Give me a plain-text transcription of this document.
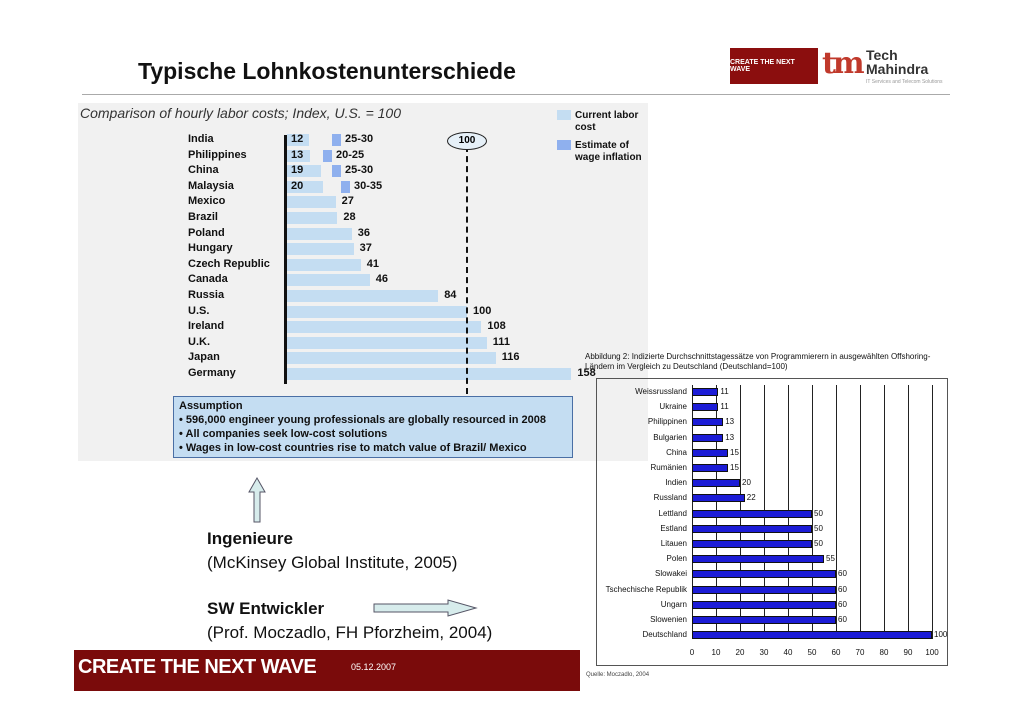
Typische Lohnkostenunterschiede	CREATE THE NEXT WAVE	tm Tech
Mahindra
IT Services and Telecom Solutions
Comparison of hourly labor costs; Index, U.S. = 100
India	12	25-30
Philippines	13	20-25
China	19	25-30
Malaysia	20	30-35
Mexico	27
Brazil	28
Poland	36
Hungary	37
Czech Republic	41
Canada	46
Russia	84
U.S.	100
Ireland	108
U.K.	111
Japan	116
Germany	158
100
Current labor cost
Estimate of wage inflation
Assumption
• 596,000 engineer young professionals are globally resourced in 2008
• All companies seek low-cost solutions
• Wages in low-cost countries rise to match value of Brazil/ Mexico
Ingenieure
(McKinsey Global Institute, 2005)
SW Entwickler
(Prof. Moczadlo, FH Pforzheim, 2004)
Abbildung 2: Indizierte Durchschnittstagessätze von Programmierern in ausgewählten Offshoring-Ländern im Vergleich zu Deutschland (Deutschland=100)
0	10	20	30	40	50	60	70	80	90	100
Weissrussland	11
Ukraine	11
Philippinen	13
Bulgarien	13
China	15
Rumänien	15
Indien	20
Russland	22
Lettland	50
Estland	50
Litauen	50
Polen	55
Slowakei	60
Tschechische Republik	60
Ungarn	60
Slowenien	60
Deutschland	100
Quelle: Moczadlo, 2004
CREATE THE NEXT WAVE	05.12.2007
